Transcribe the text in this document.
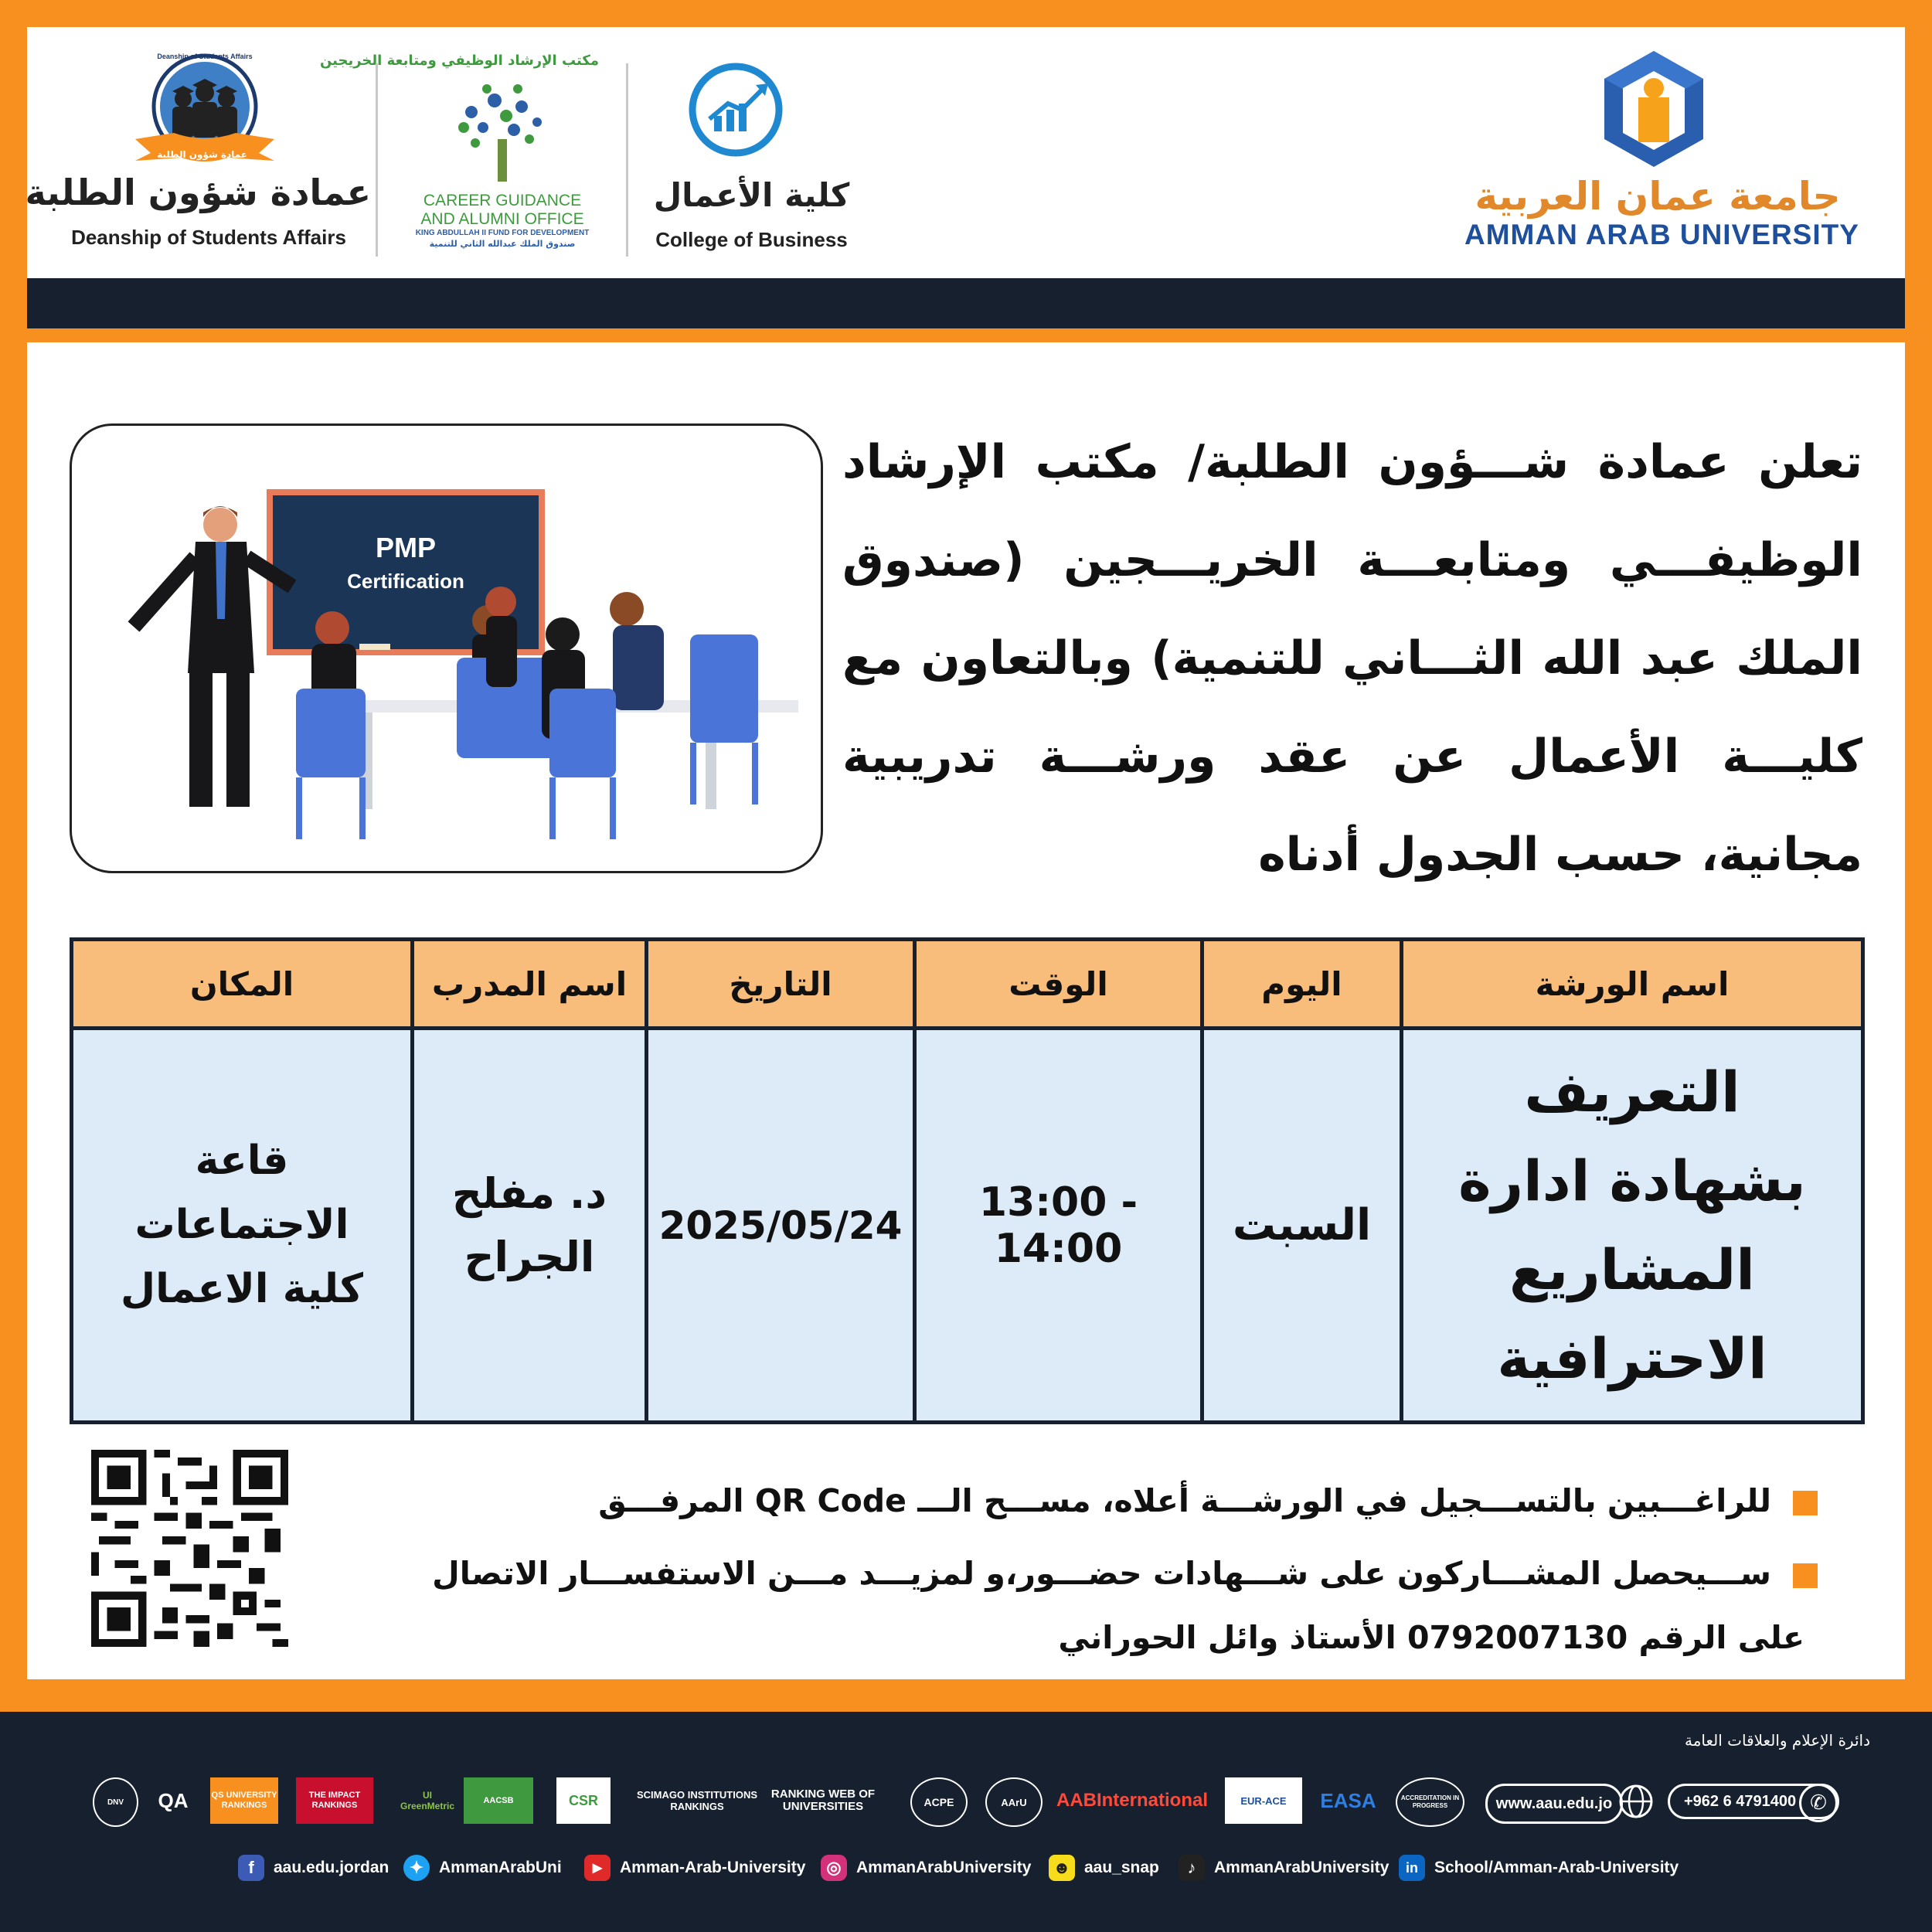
جامعة عمان العربية
AMMAN ARAB UNIVERSITY
كلية الأعمال
College of Business
مكتب الإرشاد الوظيفي ومتابعة الخريجين
CAREER GUIDANCE
AND ALUMNI OFFICE
KING ABDULLAH II FUND FOR DEVELOPMENT
صندوق الملك عبدالله الثاني للتنمية
Deanship of Students Affairs
عمادة شؤون الطلبة
عمادة شؤون الطلبة
Deanship of Students Affairs
تعلن عمادة شـــؤون الطلبة/ مكتب الإرشاد الوظيفـــي ومتابعـــة الخريـــجين (صندوق الملك عبد الله الثـــاني للتنمية) وبالتعاون مع كليـــة الأعمال عن عقد ورشـــة تدريبية مجانية، حسب الجدول أدناه
PMP
Certification
اسم الورشة	اليوم	الوقت	التاريخ	اسم المدرب	المكان
التعريف بشهادة ادارة المشاريع الاحترافية	السبت	13:00 - 14:00	2025/05/24	د. مفلح الجراح	قاعة الاجتماعات كلية الاعمال
للراغـــبين بالتســـجيل في الورشـــة أعلاه، مســـح الـــ QR Code المرفـــق
ســـيحصل المشـــاركون على شـــهادات حضـــور،و لمزيـــد مـــن الاستفســـار الاتصال
على الرقم 0792007130 الأستاذ وائل الحوراني
دائرة الإعلام والعلاقات العامة
DNV	QA	QS UNIVERSITY RANKINGS
THE IMPACT RANKINGS
UI GreenMetric	AACSB	CSR	SCIMAGO INSTITUTIONS RANKINGS
RANKING WEB OF UNIVERSITIES	ACPE	AArU	AABInternational	EUR-ACE	EASA	ACCREDITATION IN PROGRESS	www.aau.edu.jo	+962 6 4791400 ✆
f	aau.edu.jordan	✦ AmmanArabUni	▶	Amman-Arab-University	◎ AmmanArabUniversity ☻ aau_snap	♪	AmmanArabUniversity	in	School/Amman-Arab-University
